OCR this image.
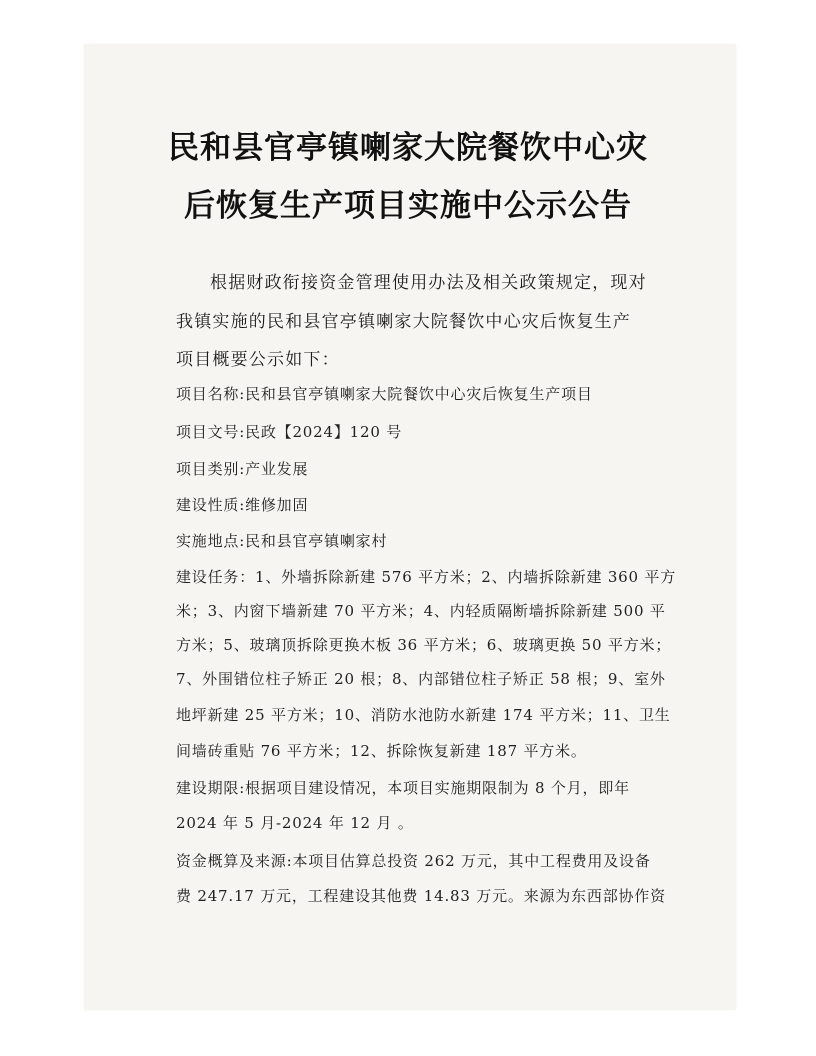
民和县官亭镇喇家大院餐饮中心灾
后恢复生产项目实施中公示公告
根据财政衔接资金管理使用办法及相关政策规定，现对
我镇实施的民和县官亭镇喇家大院餐饮中心灾后恢复生产
项目概要公示如下：
项目名称:民和县官亭镇喇家大院餐饮中心灾后恢复生产项目
项目文号:民政【2024】120 号
项目类别:产业发展
建设性质:维修加固
实施地点:民和县官亭镇喇家村
建设任务：1、外墙拆除新建 576 平方米；2、内墙拆除新建 360 平方
米；3、内窗下墙新建 70 平方米；4、内轻质隔断墙拆除新建 500 平
方米；5、玻璃顶拆除更换木板 36 平方米；6、玻璃更换 50 平方米；
7、外围错位柱子矫正 20 根；8、内部错位柱子矫正 58 根；9、室外
地坪新建 25 平方米；10、消防水池防水新建 174 平方米；11、卫生
间墙砖重贴 76 平方米；12、拆除恢复新建 187 平方米。
建设期限:根据项目建设情况，本项目实施期限制为 8 个月，即年
2024 年 5 月-2024 年 12 月 。
资金概算及来源:本项目估算总投资 262 万元，其中工程费用及设备
费 247.17 万元，工程建设其他费 14.83 万元。来源为东西部协作资
